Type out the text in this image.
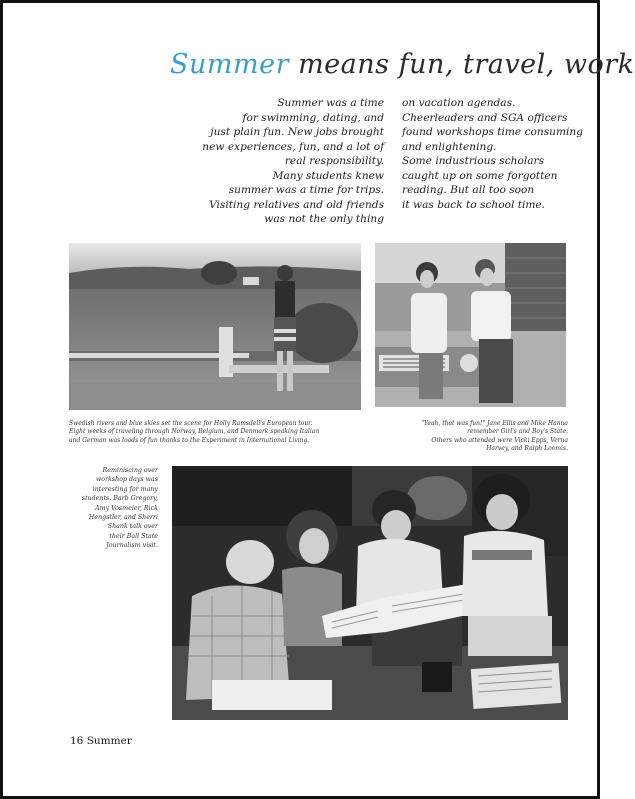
Summer means fun, travel, work
Summer was a time
for swimming, dating, and
just plain fun. New jobs brought
new experiences, fun, and a lot of
real responsibility.
Many students knew
summer was a time for trips.
Visiting relatives and old friends
was not the only thing
on vacation agendas.
Cheerleaders and SGA officers
found workshops time consuming
and enlightening.
Some industrious scholars
caught up on some forgotten
reading. But all too soon
it was back to school time.
Swedish rivers and blue skies set the scene for Holly Ramsdell's European tour.
Eight weeks of traveling through Norway, Belgium, and Denmark speaking Italian
and German was loads of fun thanks to the Experiment in International Living.
"Yeah, that was fun!" Jane Ellis and Mike Hanna
remember Girl's and Boy's State.
Others who attended were Vicki Epps, Verna
Harvey, and Ralph Loomis.
Reminiscing over
workshop days was
interesting for many
students. Barb Gregory,
Amy Vosmeier, Rick
Hengstler, and Sherri
Shank talk over
their Ball State
Journalism visit.
16 Summer
